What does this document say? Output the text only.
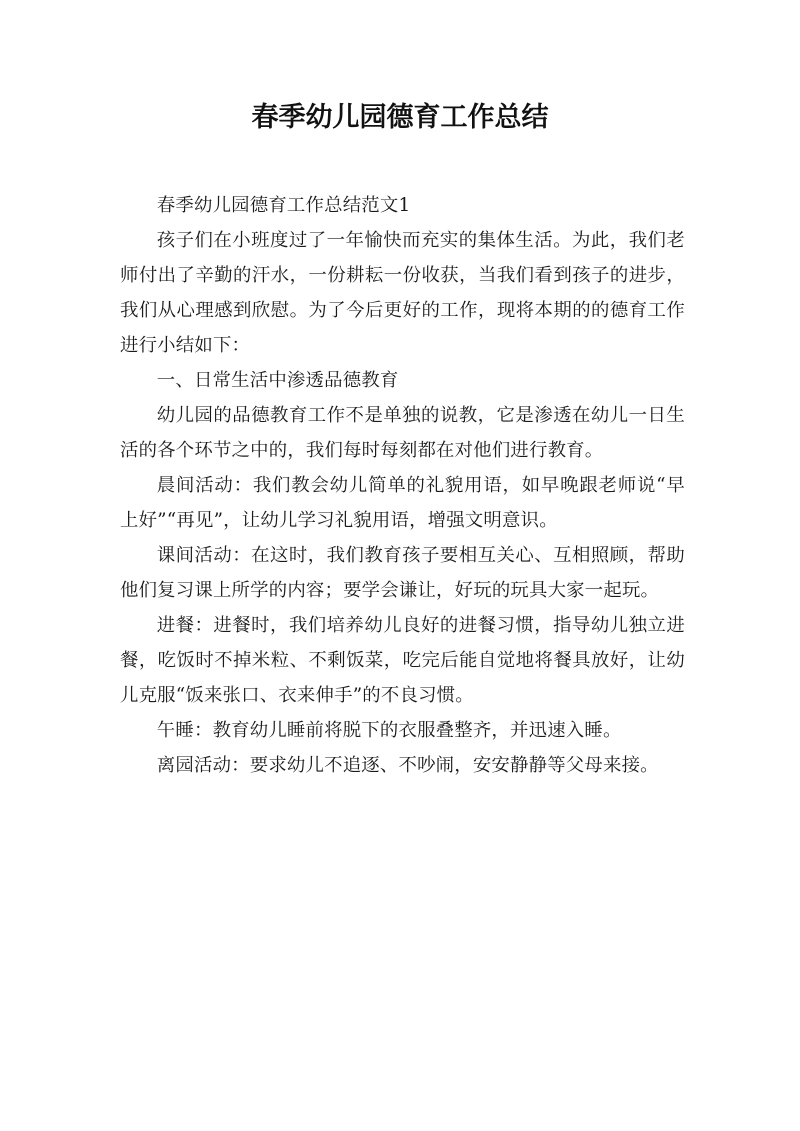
春季幼儿园德育工作总结

春季幼儿园德育工作总结范文1

孩子们在小班度过了一年愉快而充实的集体生活。为此，我们老师付出了辛勤的汗水，一份耕耘一份收获，当我们看到孩子的进步，我们从心理感到欣慰。为了今后更好的工作，现将本期的的德育工作进行小结如下：

一、日常生活中渗透品德教育

幼儿园的品德教育工作不是单独的说教，它是渗透在幼儿一日生活的各个环节之中的，我们每时每刻都在对他们进行教育。

晨间活动：我们教会幼儿简单的礼貌用语，如早晚跟老师说“早上好”“再见”，让幼儿学习礼貌用语，增强文明意识。

课间活动：在这时，我们教育孩子要相互关心、互相照顾，帮助他们复习课上所学的内容；要学会谦让，好玩的玩具大家一起玩。

进餐：进餐时，我们培养幼儿良好的进餐习惯，指导幼儿独立进餐，吃饭时不掉米粒、不剩饭菜，吃完后能自觉地将餐具放好，让幼儿克服“饭来张口、衣来伸手”的不良习惯。

午睡：教育幼儿睡前将脱下的衣服叠整齐，并迅速入睡。

离园活动：要求幼儿不追逐、不吵闹，安安静静等父母来接。
